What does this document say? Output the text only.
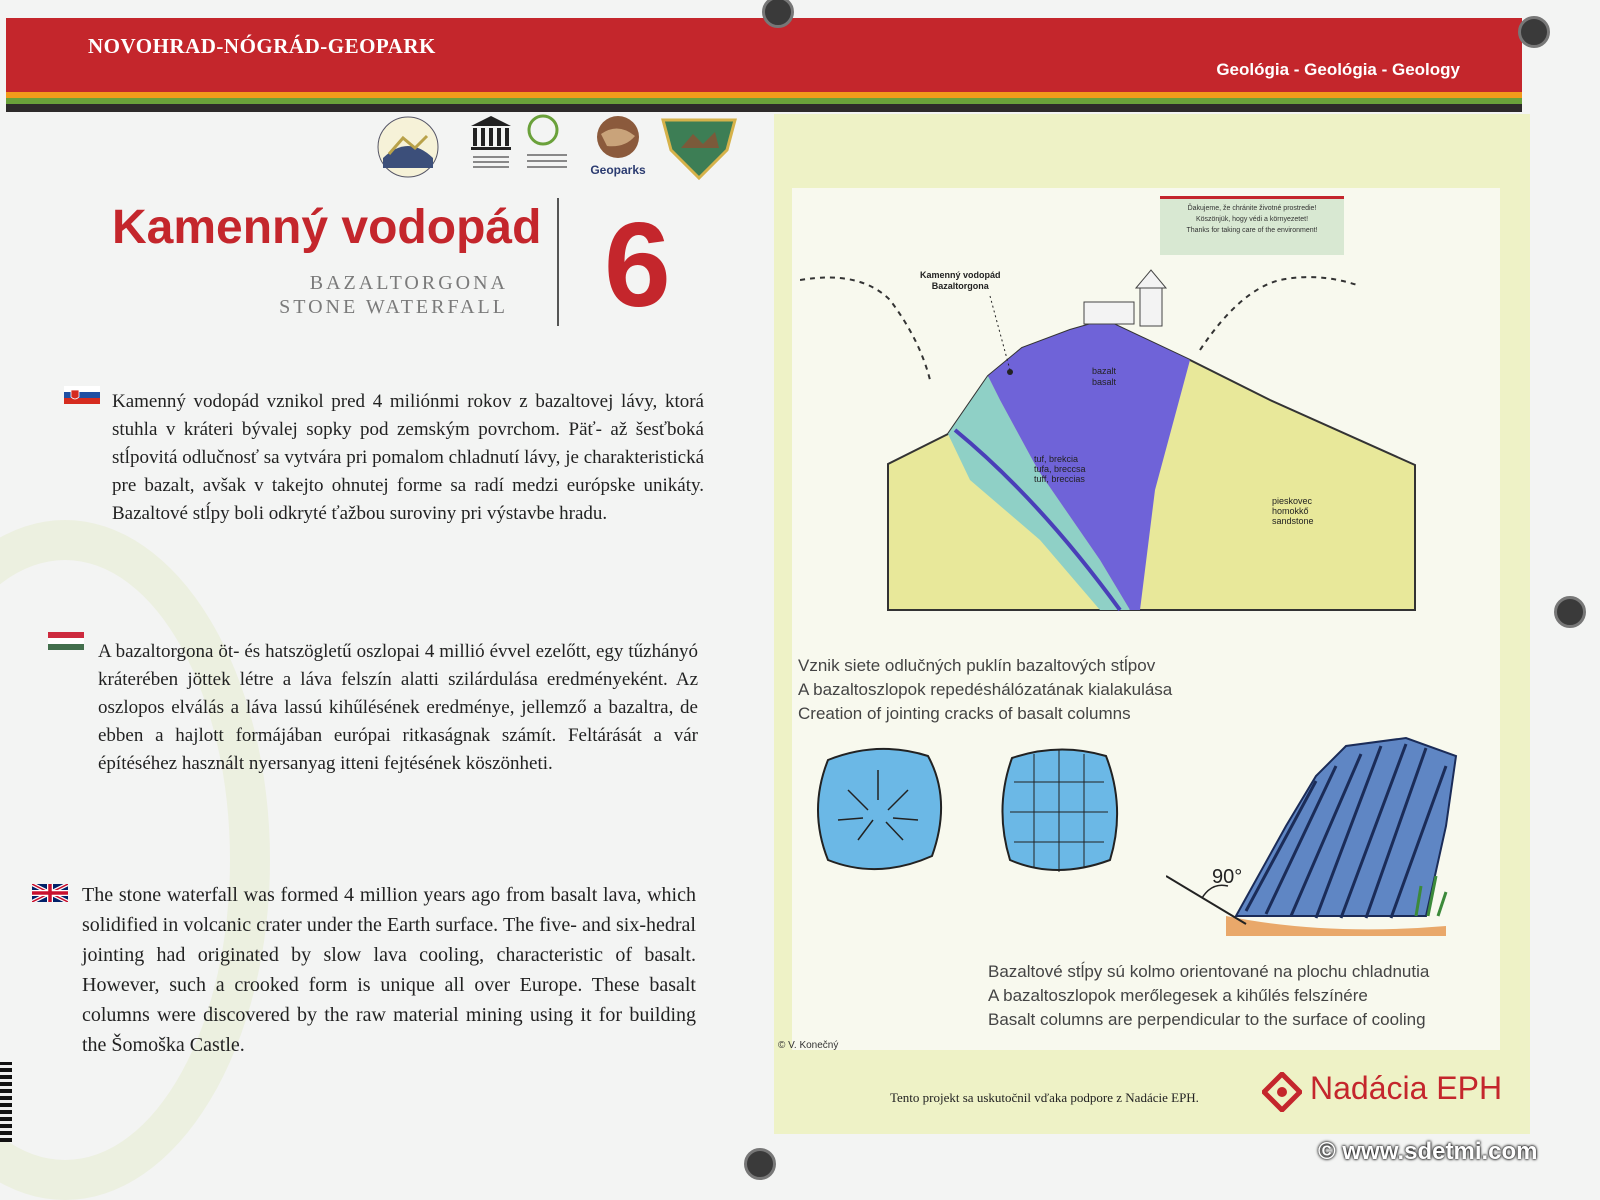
NOVOHRAD-NÓGRÁD-GEOPARK
Geológia - Geológia - Geology
Geoparks
Kamenný vodopád
BAZALTORGONA
STONE WATERFALL 6
Kamenný vodopád vznikol pred 4 miliónmi rokov z bazaltovej lávy, ktorá stuhla v kráteri bývalej sopky pod zemským povrchom. Päť- až šesťboká stĺpovitá odlučnosť sa vytvára pri pomalom chladnutí lávy, je charakteristická pre bazalt, avšak v takejto ohnutej forme sa radí medzi európske unikáty. Bazaltové stĺpy boli odkryté ťažbou suroviny pri výstavbe hradu.
A bazaltorgona öt- és hatszögletű oszlopai 4 millió évvel ezelőtt, egy tűzhányó kráterében jöttek létre a láva felszín alatti szilárdulása eredményeként. Az oszlopos elválás a láva lassú kihűlésének eredménye, jellemző a bazaltra, de ebben a hajlott formájában európai ritkaságnak számít. Feltárását a vár építéséhez használt nyersanyag itteni fejtésének köszönheti.
The stone waterfall was formed 4 million years ago from basalt lava, which solidified in volcanic crater under the Earth surface. The five- and six-hedral jointing had originated by slow lava cooling, characteristic of basalt. However, such a crooked form is unique all over Europe. These basalt columns were discovered by the raw material mining using it for building the Šomoška Castle.
Ďakujeme, že chránite životné prostredie!
Köszönjük, hogy védi a környezetet!
Thanks for taking care of the environment!
Kamenný vodopád
Bazaltorgona
bazalt
basalt
tuf, brekcia
tufa, breccsa
tuff, breccias
pieskovec
homokkő
sandstone
Vznik siete odlučných puklín bazaltových stĺpov
A bazaltoszlopok repedéshálózatának kialakulása
Creation of jointing cracks of basalt columns
90°
Bazaltové stĺpy sú kolmo orientované na plochu chladnutia
A bazaltoszlopok merőlegesek a kihűlés felszínére
Basalt columns are perpendicular to the surface of cooling
© V. Konečný
Tento projekt sa uskutočnil vďaka podpore z Nadácie EPH.	Nadácia EPH
© www.sdetmi.com
